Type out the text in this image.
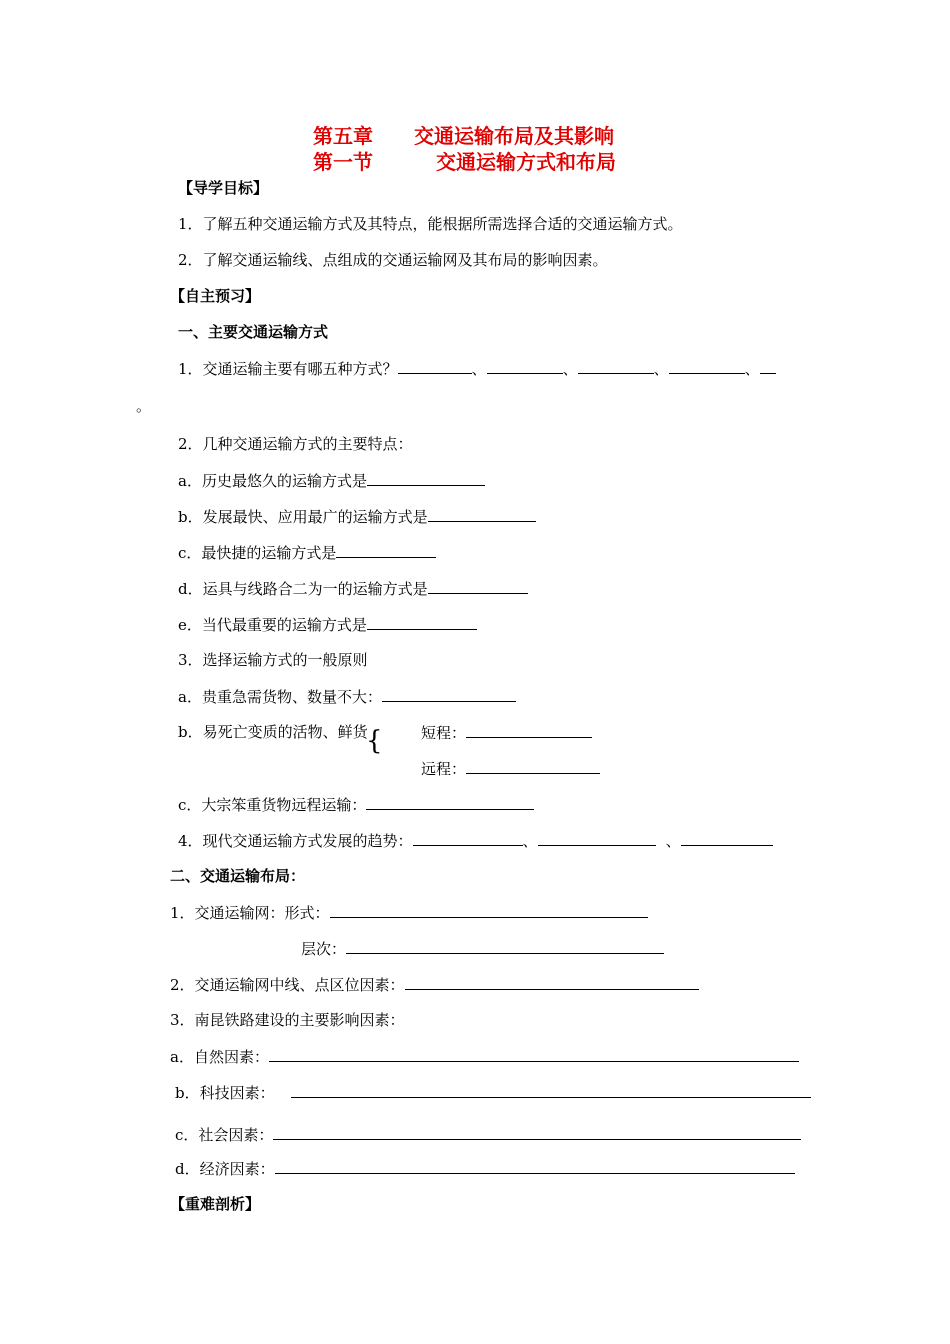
第五章 交通运输布局及其影响
第一节	交通运输方式和布局
【导学目标】
1．了解五种交通运输方式及其特点，能根据所需选择合适的交通运输方式。
2．了解交通运输线、点组成的交通运输网及其布局的影响因素。
【自主预习】
一、主要交通运输方式
1．交通运输主要有哪五种方式？	、	、	、	、
。
2．几种交通运输方式的主要特点：
a．历史最悠久的运输方式是
b．发展最快、应用最广的运输方式是
c．最快捷的运输方式是
d．运具与线路合二为一的运输方式是
e．当代最重要的运输方式是
3．选择运输方式的一般原则
a．贵重急需货物、数量不大：
b．易死亡变质的活物、鲜货
{	短程：
远程：
c．大宗笨重货物远程运输：
4．现代交通运输方式发展的趋势：	、	、
二、交通运输布局：
1．交通运输网：形式：
层次：
2．交通运输网中线、点区位因素：
3．南昆铁路建设的主要影响因素：
a．自然因素：
b．科技因素：
c．社会因素：
d．经济因素：
【重难剖析】
